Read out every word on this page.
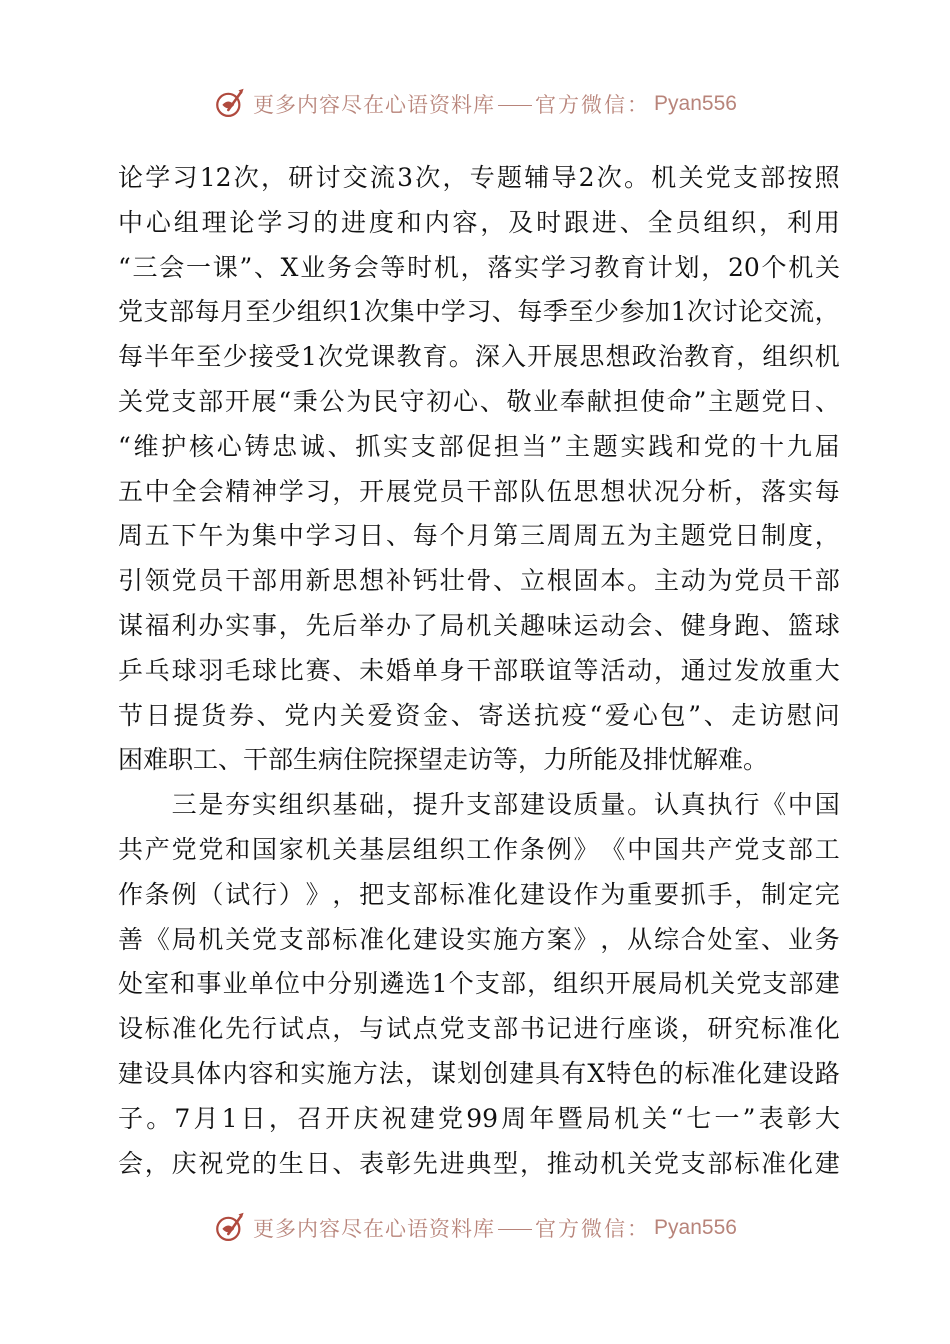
更多内容尽在心语资料库 官方微信： Pyan556
论 学 习 12 次 ， 研 讨 交 流 3 次 ， 专 题 辅 导 2 次 。 机 关 党 支 部 按 照
中 心 组 理 论 学 习 的 进 度 和 内 容 ， 及 时 跟 进 、 全 员 组 织 ， 利 用
“ 三 会 一 课 ” 、 X 业 务 会 等 时 机 ， 落 实 学 习 教 育 计 划 ， 20 个 机 关
党 支 部 每 月 至 少 组 织 1 次 集 中 学 习 、 每 季 至 少 参 加 1 次 讨 论 交 流 ，
每 半 年 至 少 接 受 1 次 党 课 教 育 。 深 入 开 展 思 想 政 治 教 育 ， 组 织 机
关 党 支 部 开 展 “ 秉 公 为 民 守 初 心 、 敬 业 奉 献 担 使 命 ” 主 题 党 日 、
“ 维 护 核 心 铸 忠 诚 、 抓 实 支 部 促 担 当 ” 主 题 实 践 和 党 的 十 九 届
五 中 全 会 精 神 学 习 ， 开 展 党 员 干 部 队 伍 思 想 状 况 分 析 ， 落 实 每
周 五 下 午 为 集 中 学 习 日 、 每 个 月 第 三 周 周 五 为 主 题 党 日 制 度 ，
引 领 党 员 干 部 用 新 思 想 补 钙 壮 骨 、 立 根 固 本 。 主 动 为 党 员 干 部
谋 福 利 办 实 事 ， 先 后 举 办 了 局 机 关 趣 味 运 动 会 、 健 身 跑 、 篮 球
乒 乓 球 羽 毛 球 比 赛 、 未 婚 单 身 干 部 联 谊 等 活 动 ， 通 过 发 放 重 大
节 日 提 货 券 、 党 内 关 爱 资 金 、 寄 送 抗 疫 “ 爱 心 包 ” 、 走 访 慰 问
困难职工、干部生病住院探望走访等，力所能及排忧解难。

三 是 夯 实 组 织 基 础 ， 提 升 支 部 建 设 质 量 。 认 真 执 行 《 中 国
共 产 党 党 和 国 家 机 关 基 层 组 织 工 作 条 例 》 《 中 国 共 产 党 支 部 工
作 条 例 （ 试 行 ） 》 ， 把 支 部 标 准 化 建 设 作 为 重 要 抓 手 ， 制 定 完
善 《 局 机 关 党 支 部 标 准 化 建 设 实 施 方 案 》 ， 从 综 合 处 室 、 业 务
处 室 和 事 业 单 位 中 分 别 遴 选 1 个 支 部 ， 组 织 开 展 局 机 关 党 支 部 建
设 标 准 化 先 行 试 点 ， 与 试 点 党 支 部 书 记 进 行 座 谈 ， 研 究 标 准 化
建 设 具 体 内 容 和 实 施 方 法 ， 谋 划 创 建 具 有 X 特 色 的 标 准 化 建 设 路
子 。 7 月 1 日 ， 召 开 庆 祝 建 党 99 周 年 暨 局 机 关 “ 七 一 ” 表 彰 大
会 ， 庆 祝 党 的 生 日 、 表 彰 先 进 典 型 ， 推 动 机 关 党 支 部 标 准 化 建
更多内容尽在心语资料库 官方微信： Pyan556
